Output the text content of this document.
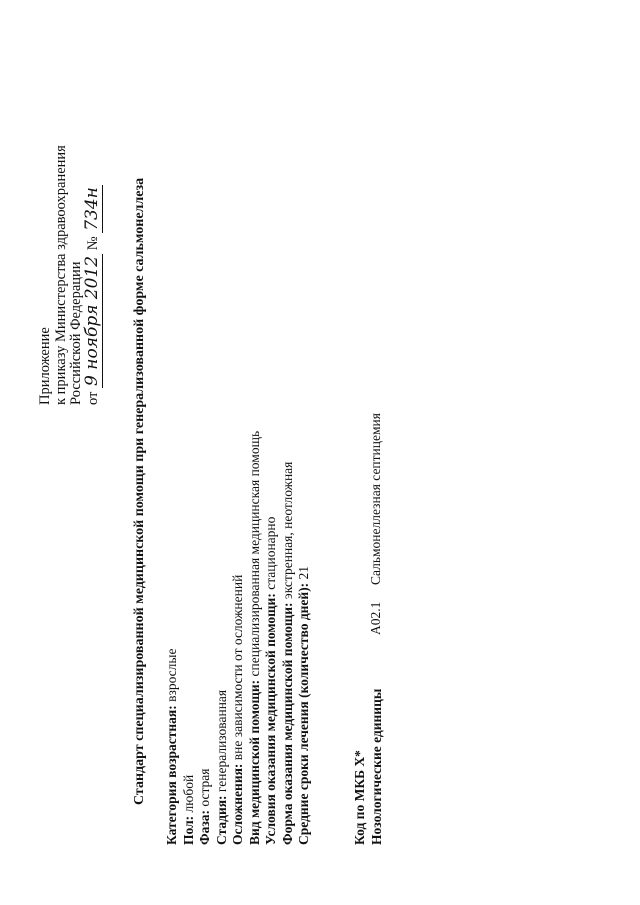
Приложение к приказу Министерства здравоохранения Российской Федерации от 9 ноября 2012 № 734н Стандарт специализированной медицинской помощи при генерализованной форме сальмонеллеза Категория возрастная: взрослые
Пол: любой
Фаза: острая
Стадия: генерализованная
Осложнения: вне зависимости от осложнений
Вид медицинской помощи: специализированная медицинская помощь
Условия оказания медицинской помощи: стационарно
Форма оказания медицинской помощи: экстренная, неотложная
Средние сроки лечения (количество дней): 21
Код по МКБ X* Нозологические единицы
A02.1Сальмонеллезная септицемия
